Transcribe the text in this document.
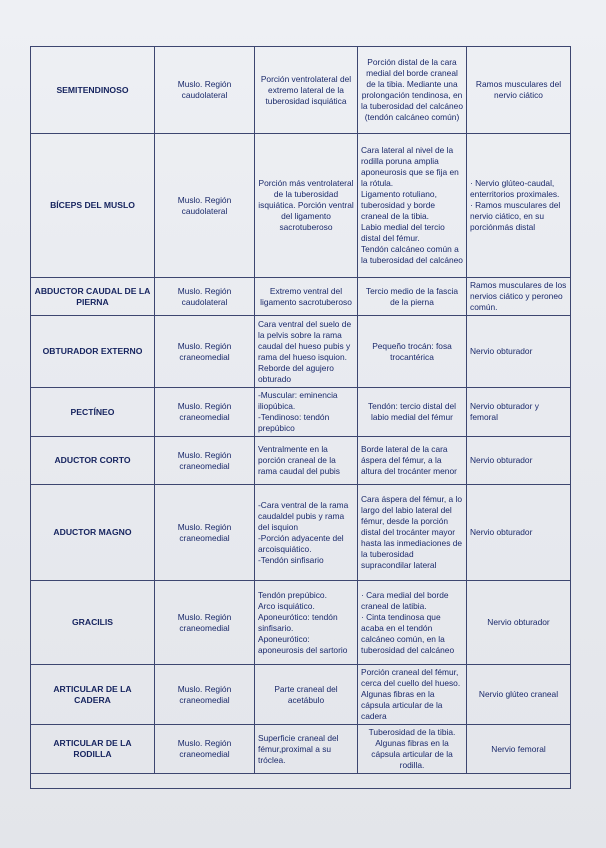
SEMITENDINOSO	Muslo. Región caudolateral	Porción ventrolateral del extremo lateral de la tuberosidad isquiática	Porción distal de la cara medial del borde craneal de la tibia. Mediante una prolongación tendinosa, en la tuberosidad del calcáneo (tendón calcáneo común)	Ramos musculares del nervio ciático
BÍCEPS DEL MUSLO	Muslo. Región caudolateral	Porción más ventrolateral de la tuberosidad isquiática. Porción ventral del ligamento sacrotuberoso	Cara lateral al nivel de la rodilla poruna amplia aponeurosis que se fija en la rótula.
Ligamento rotuliano, tuberosidad y borde craneal de la tibia.
Labio medial del tercio distal del fémur.
Tendón calcáneo común a la tuberosidad del calcáneo	· Nervio glúteo-caudal, enterritorios proximales.
· Ramos musculares del nervio ciático, en su porciónmás distal
ABDUCTOR CAUDAL DE LA PIERNA	Muslo. Región caudolateral	Extremo ventral del ligamento sacrotuberoso	Tercio medio de la fascia de la pierna	Ramos musculares de los nervios ciático y peroneo común.
OBTURADOR EXTERNO	Muslo. Región craneomedial	Cara ventral del suelo de la pelvis sobre la rama caudal del hueso pubis y rama del hueso isquion. Reborde del agujero obturado	Pequeño trocán: fosa trocantérica	Nervio obturador
PECTÍNEO	Muslo. Región craneomedial	-Muscular: eminencia iliopúbica.
-Tendinoso: tendón prepúbico	Tendón: tercio distal del labio medial del fémur	Nervio obturador y femoral
ADUCTOR CORTO	Muslo. Región craneomedial	Ventralmente en la porción craneal de la rama caudal del pubis	Borde lateral de la cara áspera del fémur, a la altura del trocánter menor	Nervio obturador
ADUCTOR MAGNO	Muslo. Región craneomedial	-Cara ventral de la rama caudaldel pubis y rama del isquion
-Porción adyacente del arcoisquiático.
-Tendón sinfisario	Cara áspera del fémur, a lo largo del labio lateral del fémur, desde la porción distal del trocánter mayor hasta las inmediaciones de la tuberosidad supracondilar lateral	Nervio obturador
GRACILIS	Muslo. Región craneomedial	Tendón prepúbico.
Arco isquiático.
Aponeurótico: tendón sinfisario.
Aponeurótico: aponeurosis del sartorio	· Cara medial del borde craneal de latibia.
· Cinta tendinosa que acaba en el tendón calcáneo común, en la tuberosidad del calcáneo	Nervio obturador
ARTICULAR DE LA CADERA	Muslo. Región craneomedial	Parte craneal del acetábulo	Porción craneal del fémur, cerca del cuello del hueso. Algunas fibras en la cápsula articular de la cadera	Nervio glúteo craneal
ARTICULAR DE LA RODILLA	Muslo. Región craneomedial	Superficie craneal del fémur,proximal a su tróclea.	Tuberosidad de la tibia. Algunas fibras en la cápsula articular de la rodilla.	Nervio femoral
